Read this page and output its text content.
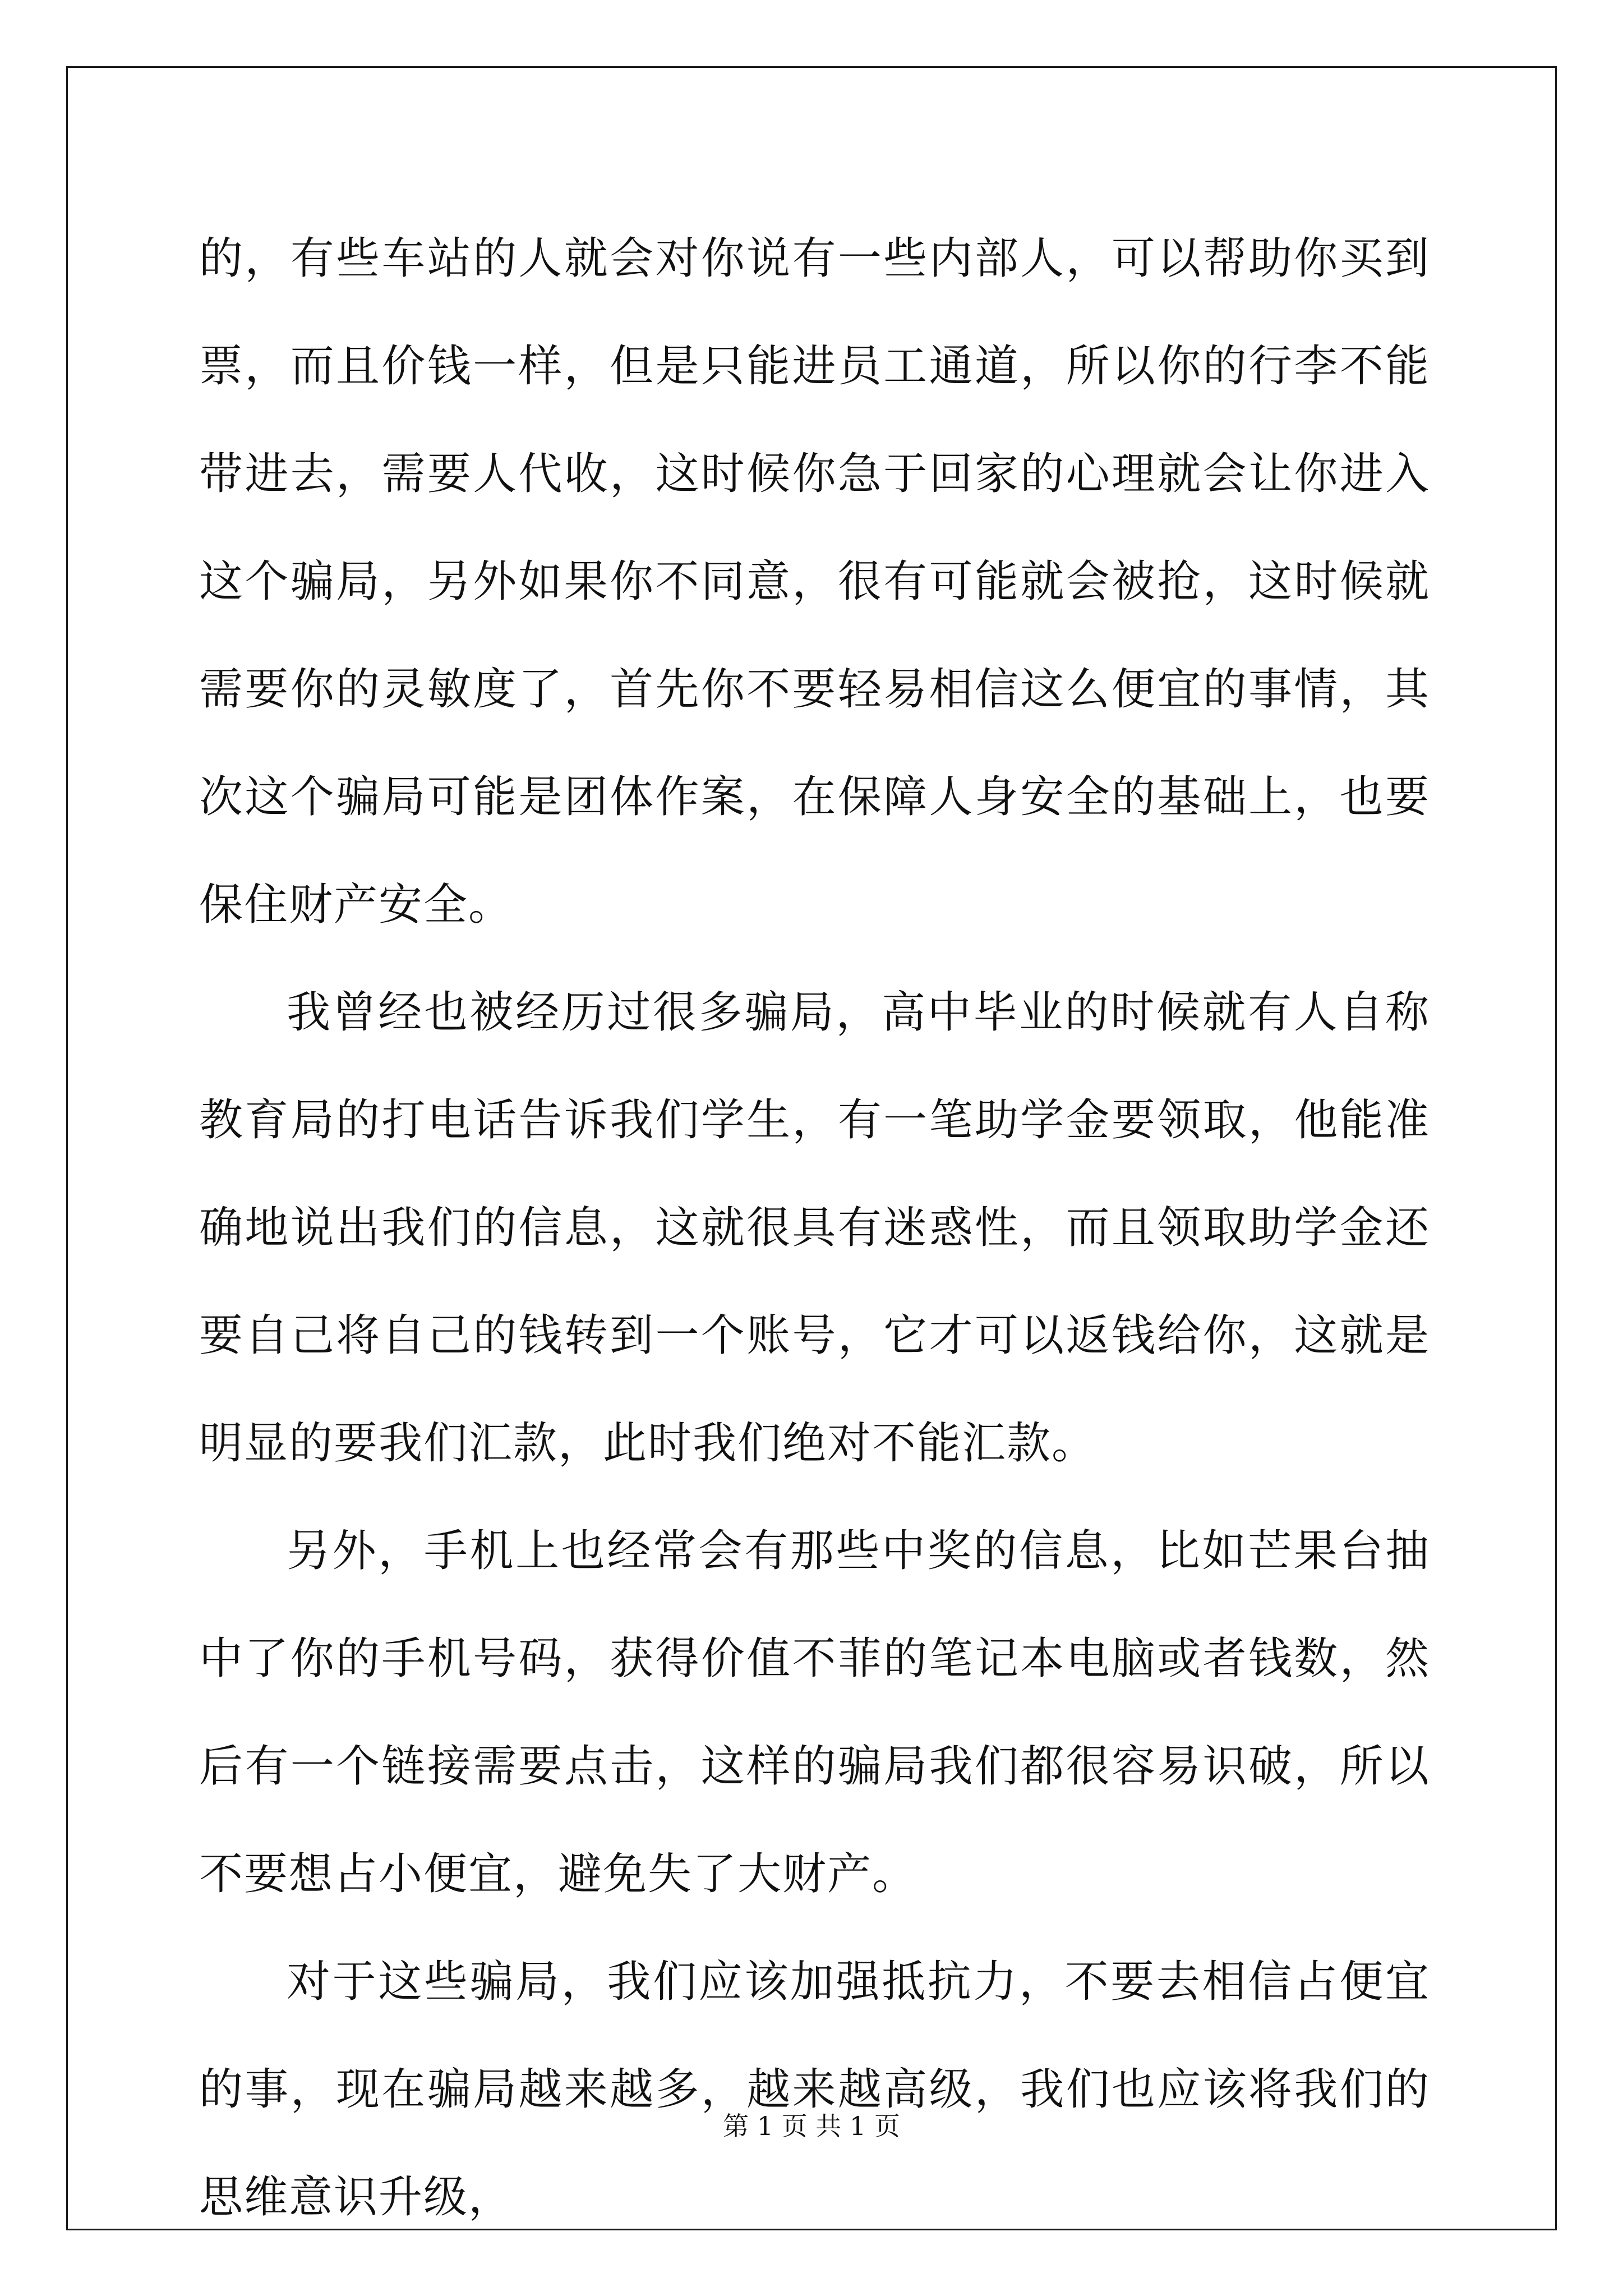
的，有些车站的人就会对你说有一些内部人，可以帮助你买到票，而且价钱一样，但是只能进员工通道，所以你的行李不能带进去，需要人代收，这时候你急于回家的心理就会让你进入这个骗局，另外如果你不同意，很有可能就会被抢，这时候就需要你的灵敏度了，首先你不要轻易相信这么便宜的事情，其次这个骗局可能是团体作案，在保障人身安全的基础上，也要保住财产安全。

我曾经也被经历过很多骗局，高中毕业的时候就有人自称教育局的打电话告诉我们学生，有一笔助学金要领取，他能准确地说出我们的信息，这就很具有迷惑性，而且领取助学金还要自己将自己的钱转到一个账号，它才可以返钱给你，这就是明显的要我们汇款，此时我们绝对不能汇款。

另外，手机上也经常会有那些中奖的信息，比如芒果台抽中了你的手机号码，获得价值不菲的笔记本电脑或者钱数，然后有一个链接需要点击，这样的骗局我们都很容易识破，所以不要想占小便宜，避免失了大财产。

对于这些骗局，我们应该加强抵抗力，不要去相信占便宜的事，现在骗局越来越多，越来越高级，我们也应该将我们的思维意识升级，

第 1 页 共 1 页
